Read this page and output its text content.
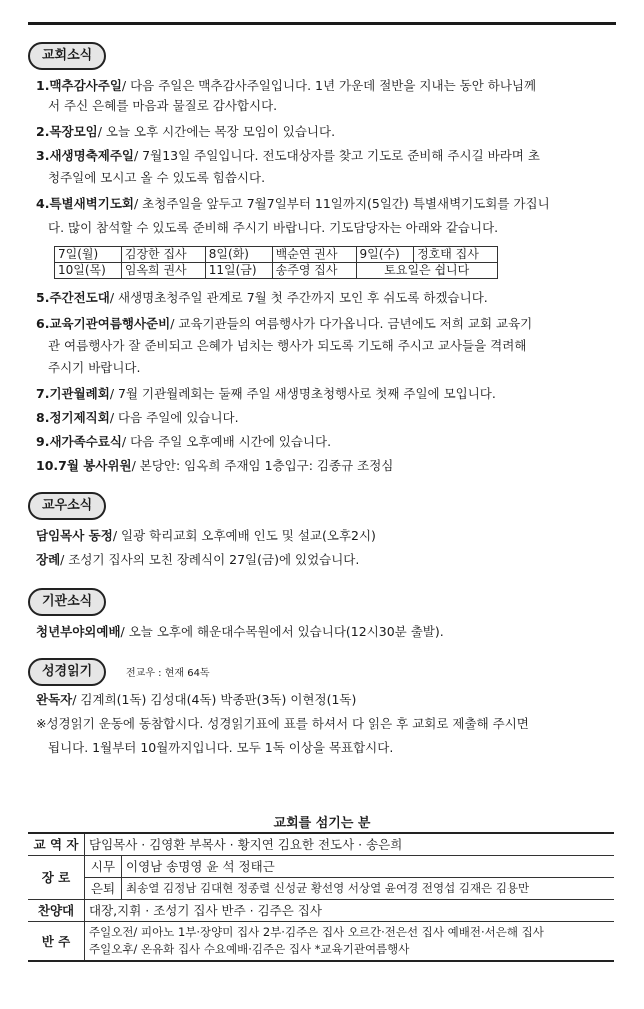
교회소식
1.맥추감사주일/ 다음 주일은 맥추감사주일입니다. 1년 가운데 절반을 지내는 동안 하나님께
서 주신 은혜를 마음과 물질로 감사합시다.
2.목장모임/ 오늘 오후 시간에는 목장 모임이 있습니다.
3.새생명축제주일/ 7월13일 주일입니다. 전도대상자를 찾고 기도로 준비해 주시길 바라며 초
청주일에 모시고 올 수 있도록 힘씁시다.
4.특별새벽기도회/ 초청주일을 앞두고 7월7일부터 11일까지(5일간) 특별새벽기도회를 가집니
다. 많이 참석할 수 있도록 준비해 주시기 바랍니다. 기도담당자는 아래와 같습니다.
7일(월)	김장한 집사	8일(화)	백순연 권사	9일(수)	정호태 집사
10일(목)	임옥희 권사	11일(금)	송주영 집사	토요일은 쉽니다	
5.주간전도대/ 새생명초청주일 관계로 7월 첫 주간까지 모인 후 쉬도록 하겠습니다.
6.교육기관여름행사준비/ 교육기관들의 여름행사가 다가옵니다. 금년에도 저희 교회 교육기
관 여름행사가 잘 준비되고 은혜가 넘치는 행사가 되도록 기도해 주시고 교사들을 격려해
주시기 바랍니다.
7.기관월례회/ 7월 기관월례회는 둘째 주일 새생명초청행사로 첫째 주일에 모입니다.
8.정기제직회/ 다음 주일에 있습니다.
9.새가족수료식/ 다음 주일 오후예배 시간에 있습니다.
10.7월 봉사위원/ 본당안: 임옥희 주재임 1층입구: 김종규 조정심
교우소식
담임목사 동정/ 일광 학리교회 오후예배 인도 및 설교(오후2시)
장례/ 조성기 집사의 모친 장례식이 27일(금)에 있었습니다.
기관소식
청년부야외예배/ 오늘 오후에 해운대수목원에서 있습니다(12시30분 출발).
성경읽기	전교우 : 현재 64독
완독자/ 김계희(1독) 김성대(4독) 박종판(3독) 이현정(1독)
※성경읽기 운동에 동참합시다. 성경읽기표에 표를 하셔서 다 읽은 후 교회로 제출해 주시면
됩니다. 1월부터 10월까지입니다. 모두 1독 이상을 목표합시다.
교회를 섬기는 분
교 역 자	담임목사 · 김영환 부목사 · 황지연 김요한 전도사 · 송은희	
장 로	시무	이영남 송명영 윤 석 정태근
	은퇴	최송열 김정남 김대현 정종렬 신성균 황선영 서상열 윤여경 전영섭 김재은 김용만
찬양대	대장,지휘 · 조성기 집사 반주 · 김주은 집사	
반 주	주일오전/ 피아노 1부·장양미 집사 2부·김주은 집사 오르간·전은선 집사 예배전·서은해 집사
주일오후/ 온유화 집사 수요예배·김주은 집사 *교육기관여름행사	
